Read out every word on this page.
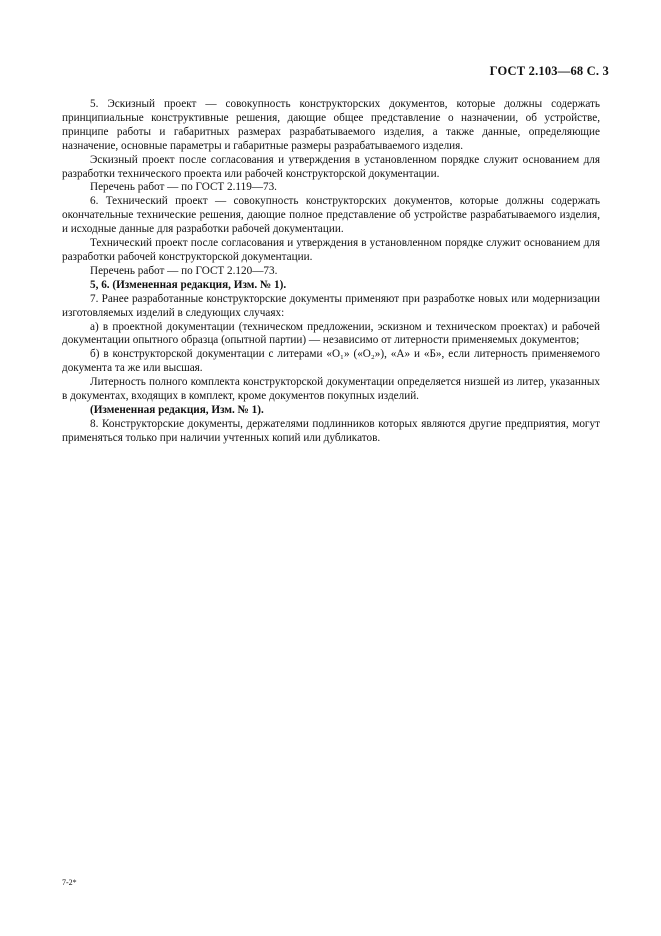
ГОСТ 2.103—68 С. 3

5. Эскизный проект — совокупность конструкторских документов, которые должны содержать принципиальные конструктивные решения, дающие общее представление о назначении, об устройстве, принципе работы и габаритных размерах разрабатываемого изделия, а также данные, определяющие назначение, основные параметры и габаритные размеры разрабатываемого изделия.

Эскизный проект после согласования и утверждения в установленном порядке служит основанием для разработки технического проекта или рабочей конструкторской документации.

Перечень работ — по ГОСТ 2.119—73.

6. Технический проект — совокупность конструкторских документов, которые должны содержать окончательные технические решения, дающие полное представление об устройстве разрабатываемого изделия, и исходные данные для разработки рабочей документации.

Технический проект после согласования и утверждения в установленном порядке служит основанием для разработки рабочей конструкторской документации.

Перечень работ — по ГОСТ 2.120—73.

5, 6. (Измененная редакция, Изм. № 1).

7. Ранее разработанные конструкторские документы применяют при разработке новых или модернизации изготовляемых изделий в следующих случаях:

а) в проектной документации (техническом предложении, эскизном и техническом проектах) и рабочей документации опытного образца (опытной партии) — независимо от литерности применяемых документов;

б) в конструкторской документации с литерами «О₁» («О₂»), «А» и «Б», если литерность применяемого документа та же или высшая.

Литерность полного комплекта конструкторской документации определяется низшей из литер, указанных в документах, входящих в комплект, кроме документов покупных изделий.

(Измененная редакция, Изм. № 1).

8. Конструкторские документы, держателями подлинников которых являются другие предприятия, могут применяться только при наличии учтенных копий или дубликатов.

7-2*
